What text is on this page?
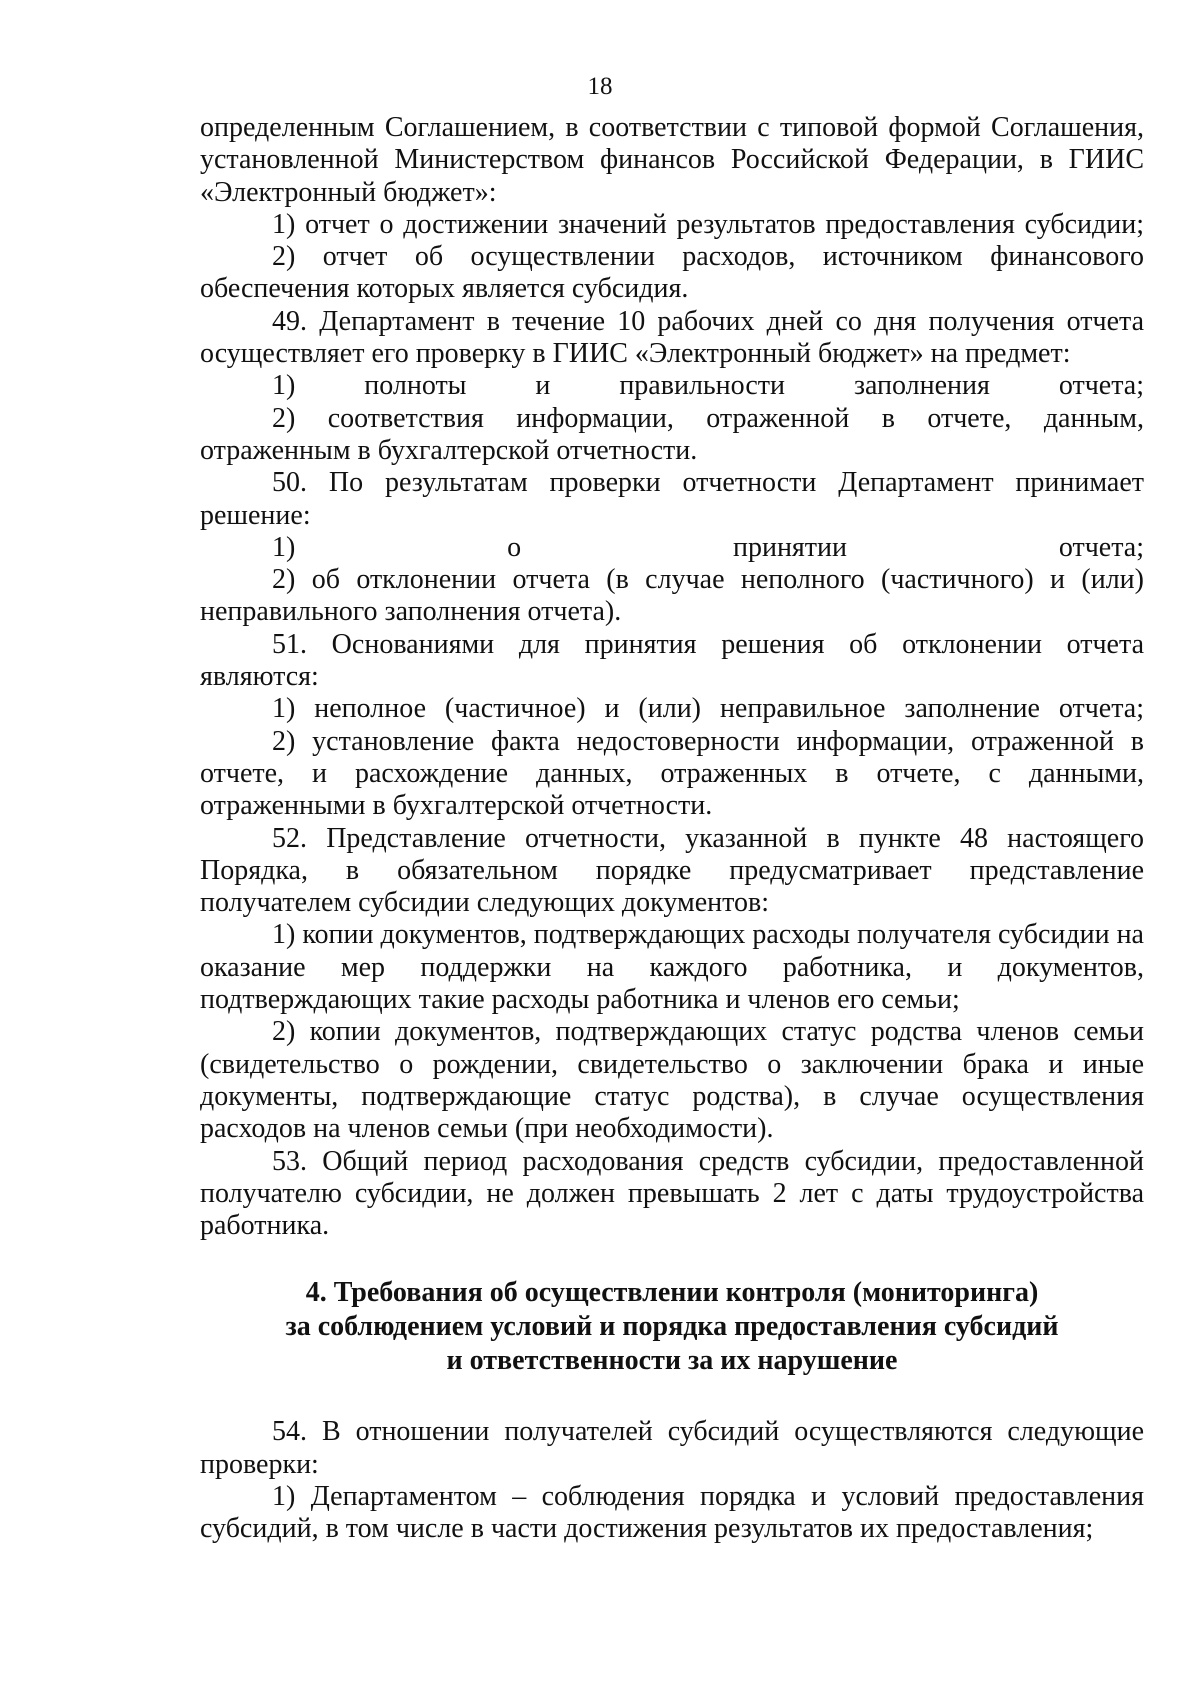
18

определенным Соглашением, в соответствии с типовой формой Соглашения, установленной Министерством финансов Российской Федерации, в ГИИС «Электронный бюджет»:

1) отчет о достижении значений результатов предоставления субсидии;

2) отчет об осуществлении расходов, источником финансового обеспечения которых является субсидия.

49. Департамент в течение 10 рабочих дней со дня получения отчета осуществляет его проверку в ГИИС «Электронный бюджет» на предмет:

1) полноты и правильности заполнения отчета;

2) соответствия информации, отраженной в отчете, данным, отраженным в бухгалтерской отчетности.

50. По результатам проверки отчетности Департамент принимает решение:

1) о принятии отчета;

2) об отклонении отчета (в случае неполного (частичного) и (или) неправильного заполнения отчета).

51. Основаниями для принятия решения об отклонении отчета являются:

1) неполное (частичное) и (или) неправильное заполнение отчета;

2) установление факта недостоверности информации, отраженной в отчете, и расхождение данных, отраженных в отчете, с данными, отраженными в бухгалтерской отчетности.

52. Представление отчетности, указанной в пункте 48 настоящего Порядка, в обязательном порядке предусматривает представление получателем субсидии следующих документов:

1) копии документов, подтверждающих расходы получателя субсидии на оказание мер поддержки на каждого работника, и документов, подтверждающих такие расходы работника и членов его семьи;

2) копии документов, подтверждающих статус родства членов семьи (свидетельство о рождении, свидетельство о заключении брака и иные документы, подтверждающие статус родства), в случае осуществления расходов на членов семьи (при необходимости).

53. Общий период расходования средств субсидии, предоставленной получателю субсидии, не должен превышать 2 лет с даты трудоустройства работника.

4. Требования об осуществлении контроля (мониторинга)
за соблюдением условий и порядка предоставления субсидий
и ответственности за их нарушение

54. В отношении получателей субсидий осуществляются следующие проверки:

1) Департаментом – соблюдения порядка и условий предоставления субсидий, в том числе в части достижения результатов их предоставления;
